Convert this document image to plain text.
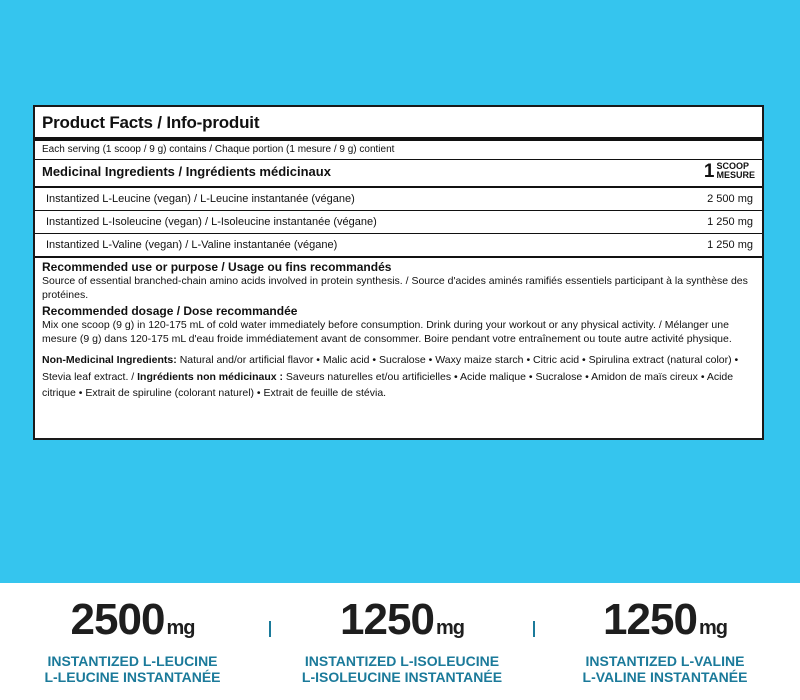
Product Facts / Info-produit
Each serving (1 scoop / 9 g) contains / Chaque portion (1 mesure / 9 g) contient
Medicinal Ingredients / Ingrédients médicinaux	1 SCOOP
MESURE
Instantized L-Leucine (vegan) / L-Leucine instantanée (végane)	2 500 mg
Instantized L-Isoleucine (vegan) / L-Isoleucine instantanée (végane)	1 250 mg
Instantized L-Valine (vegan) / L-Valine instantanée (végane)	1 250 mg
Recommended use or purpose / Usage ou fins recommandés
Source of essential branched-chain amino acids involved in protein synthesis. / Source d'acides aminés ramifiés essentiels participant à la synthèse des protéines.
Recommended dosage / Dose recommandée
Mix one scoop (9 g) in 120-175 mL of cold water immediately before consumption. Drink during your workout or any physical activity. / Mélanger une mesure (9 g) dans 120-175 mL d'eau froide immédiatement avant de consommer. Boire pendant votre entraînement ou toute autre activité physique.
Non-Medicinal Ingredients: Natural and/or artificial flavor • Malic acid • Sucralose • Waxy maize starch • Citric acid • Spirulina extract (natural color) • Stevia leaf extract. / Ingrédients non médicinaux : Saveurs naturelles et/ou artificielles • Acide malique • Sucralose • Amidon de maïs cireux • Acide citrique • Extrait de spiruline (colorant naturel) • Extrait de feuille de stévia.
2500 mg
INSTANTIZED L-LEUCINE
L-LEUCINE INSTANTANÉE
1250 mg
INSTANTIZED L-ISOLEUCINE
L-ISOLEUCINE INSTANTANÉE
1250 mg
INSTANTIZED L-VALINE
L-VALINE INSTANTANÉE
